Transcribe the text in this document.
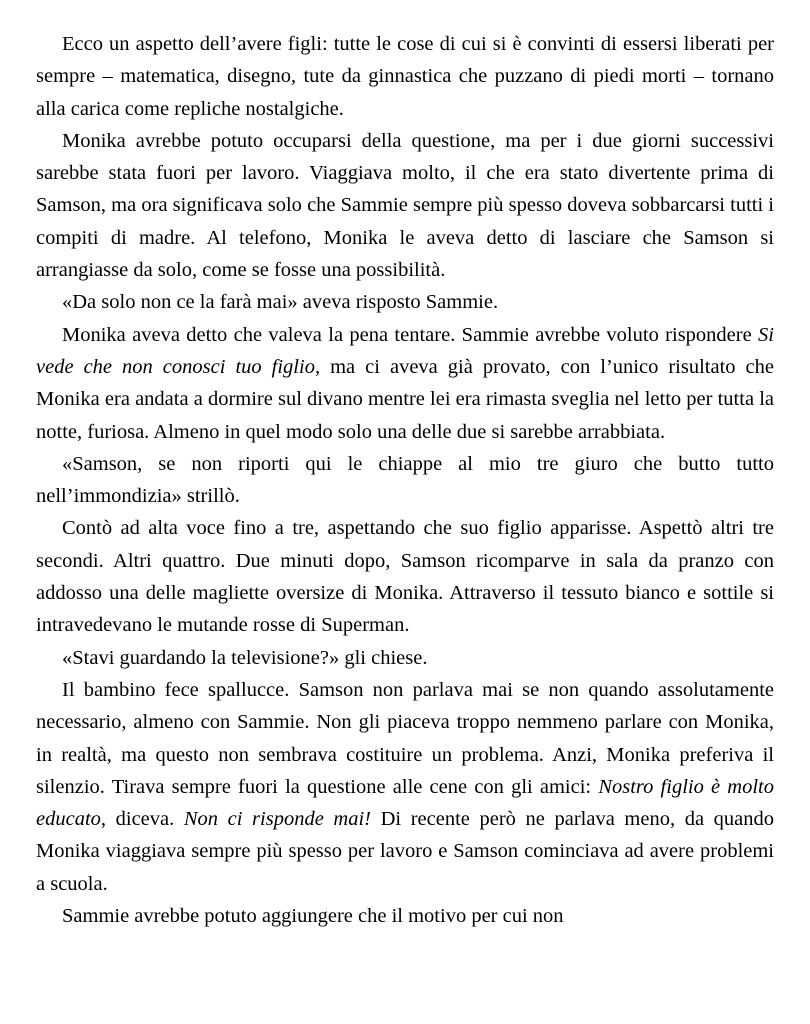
Ecco un aspetto dell’avere figli: tutte le cose di cui si è convinti di essersi liberati per sempre – matematica, disegno, tute da ginnastica che puzzano di piedi morti – tornano alla carica come repliche nostalgiche.

Monika avrebbe potuto occuparsi della questione, ma per i due giorni successivi sarebbe stata fuori per lavoro. Viaggiava molto, il che era stato divertente prima di Samson, ma ora significava solo che Sammie sempre più spesso doveva sobbarcarsi tutti i compiti di madre. Al telefono, Monika le aveva detto di lasciare che Samson si arrangiasse da solo, come se fosse una possibilità.

«Da solo non ce la farà mai» aveva risposto Sammie.

Monika aveva detto che valeva la pena tentare. Sammie avrebbe voluto rispondere Si vede che non conosci tuo figlio, ma ci aveva già provato, con l’unico risultato che Monika era andata a dormire sul divano mentre lei era rimasta sveglia nel letto per tutta la notte, furiosa. Almeno in quel modo solo una delle due si sarebbe arrabbiata.

«Samson, se non riporti qui le chiappe al mio tre giuro che butto tutto nell’immondizia» strillò.

Contò ad alta voce fino a tre, aspettando che suo figlio apparisse. Aspettò altri tre secondi. Altri quattro. Due minuti dopo, Samson ricomparve in sala da pranzo con addosso una delle magliette oversize di Monika. Attraverso il tessuto bianco e sottile si intravedevano le mutande rosse di Superman.

«Stavi guardando la televisione?» gli chiese.

Il bambino fece spallucce. Samson non parlava mai se non quando assolutamente necessario, almeno con Sammie. Non gli piaceva troppo nemmeno parlare con Monika, in realtà, ma questo non sembrava costituire un problema. Anzi, Monika preferiva il silenzio. Tirava sempre fuori la questione alle cene con gli amici: Nostro figlio è molto educato, diceva. Non ci risponde mai! Di recente però ne parlava meno, da quando Monika viaggiava sempre più spesso per lavoro e Samson cominciava ad avere problemi a scuola.

Sammie avrebbe potuto aggiungere che il motivo per cui non
